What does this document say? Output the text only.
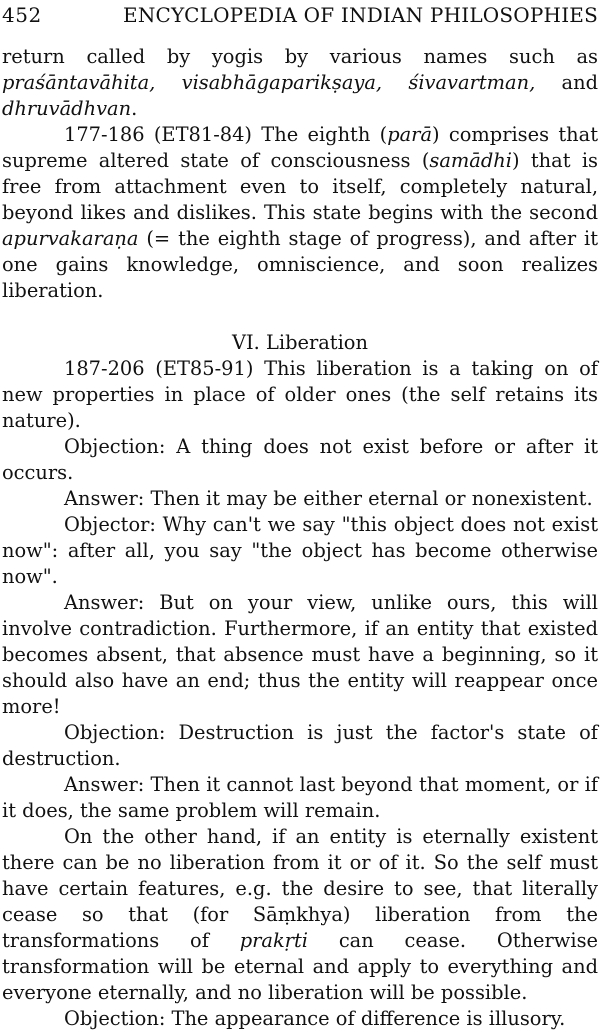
452	ENCYCLOPEDIA OF INDIAN PHILOSOPHIES

return called by yogis by various names such as
praśāntavāhita, visabhāgaparikṣaya, śivavartman, and

dhruvādhvan.

177-186 (ET81-84) The eighth (parā) comprises that supreme altered state of consciousness (samādhi) that is free from attachment even to itself, completely natural, beyond likes and dislikes. This state begins with the second apurvakaraṇa (= the eighth stage of progress), and after it one gains knowledge, omniscience, and soon realizes liberation.

VI. Liberation

187-206 (ET85-91) This liberation is a taking on of new properties in place of older ones (the self retains its nature).

Objection: A thing does not exist before or after it occurs.

Answer: Then it may be either eternal or nonexistent.

Objector: Why can't we say "this object does not exist now": after all, you say "the object has become otherwise now".

Answer: But on your view, unlike ours, this will involve contradiction. Furthermore, if an entity that existed becomes absent, that absence must have a beginning, so it should also have an end; thus the entity will reappear once more!

Objection: Destruction is just the factor's state of destruction.

Answer: Then it cannot last beyond that moment, or if it does, the same problem will remain.

On the other hand, if an entity is eternally existent there can be no liberation from it or of it. So the self must have certain features, e.g. the desire to see, that literally cease so that (for Sāṃkhya) liberation from the transformations of prakṛti can cease. Otherwise transformation will be eternal and apply to everything and everyone eternally, and no liberation will be possible.

Objection: The appearance of difference is illusory.
